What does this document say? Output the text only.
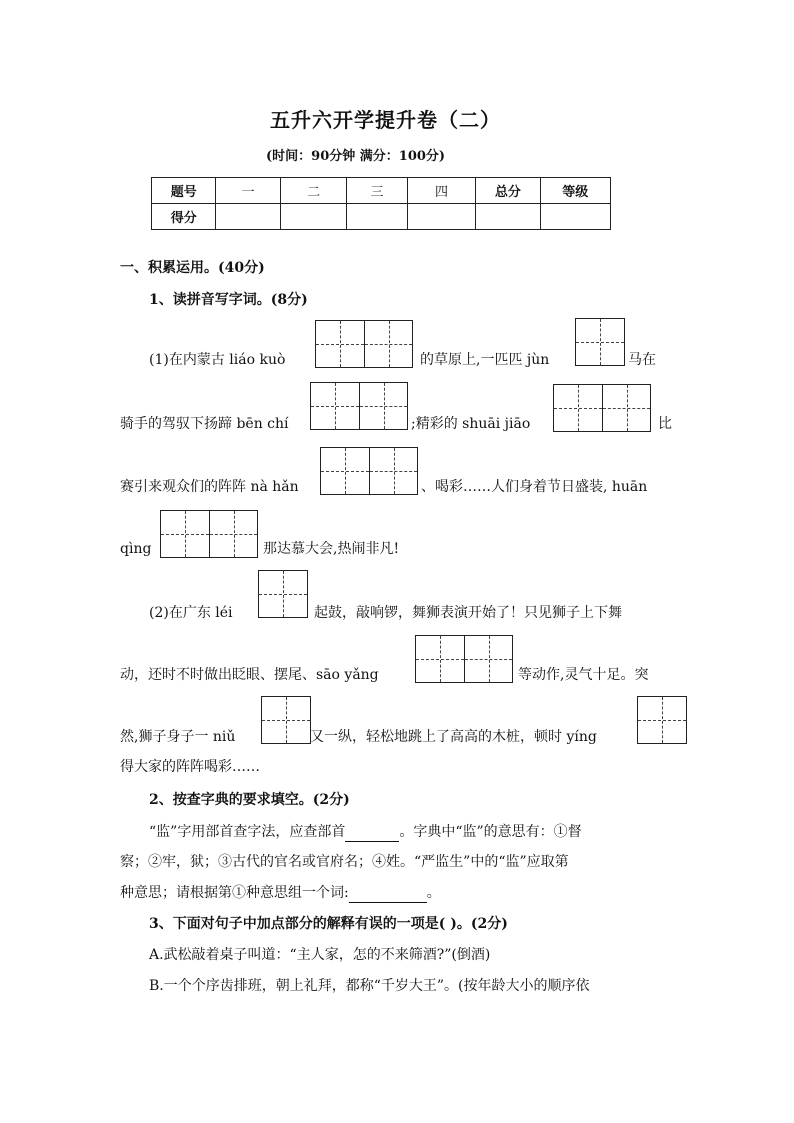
五升六开学提升卷（二）
(时间：90分钟 满分：100分)
题号	一	二	三	四	总分	等级
得分						
一、积累运用。(40分)
1、读拼音写字词。(8分)
(1)在内蒙古 liáo kuò	的草原上,一匹匹 jùn	马在
骑手的驾驭下扬蹄 bēn chí	;精彩的 shuāi jiāo	比
赛引来观众们的阵阵 nà hǎn	、喝彩……人们身着节日盛装, huān
qìng	那达慕大会,热闹非凡!
(2)在广东 léi	起鼓，敲响锣，舞狮表演开始了！只见狮子上下舞
动，还时不时做出眨眼、摆尾、sāo yǎng	等动作,灵气十足。突
然,狮子身子一 niǔ	又一纵，轻松地跳上了高高的木桩，顿时 yíng
得大家的阵阵喝彩……
2、按查字典的要求填空。(2分)
“监”字用部首查字法，应查部首	。字典中“监”的意思有：①督
察；②牢，狱；③古代的官名或官府名；④姓。“严监生”中的“监”应取第
种意思；请根据第①种意思组一个词:	。
3、下面对句子中加点部分的解释有误的一项是( )。(2分)
A.武松敲着桌子叫道：“主人家，怎的不来筛酒?”(倒酒)
B.一个个序齿排班，朝上礼拜，都称“千岁大王”。(按年龄大小的顺序依
